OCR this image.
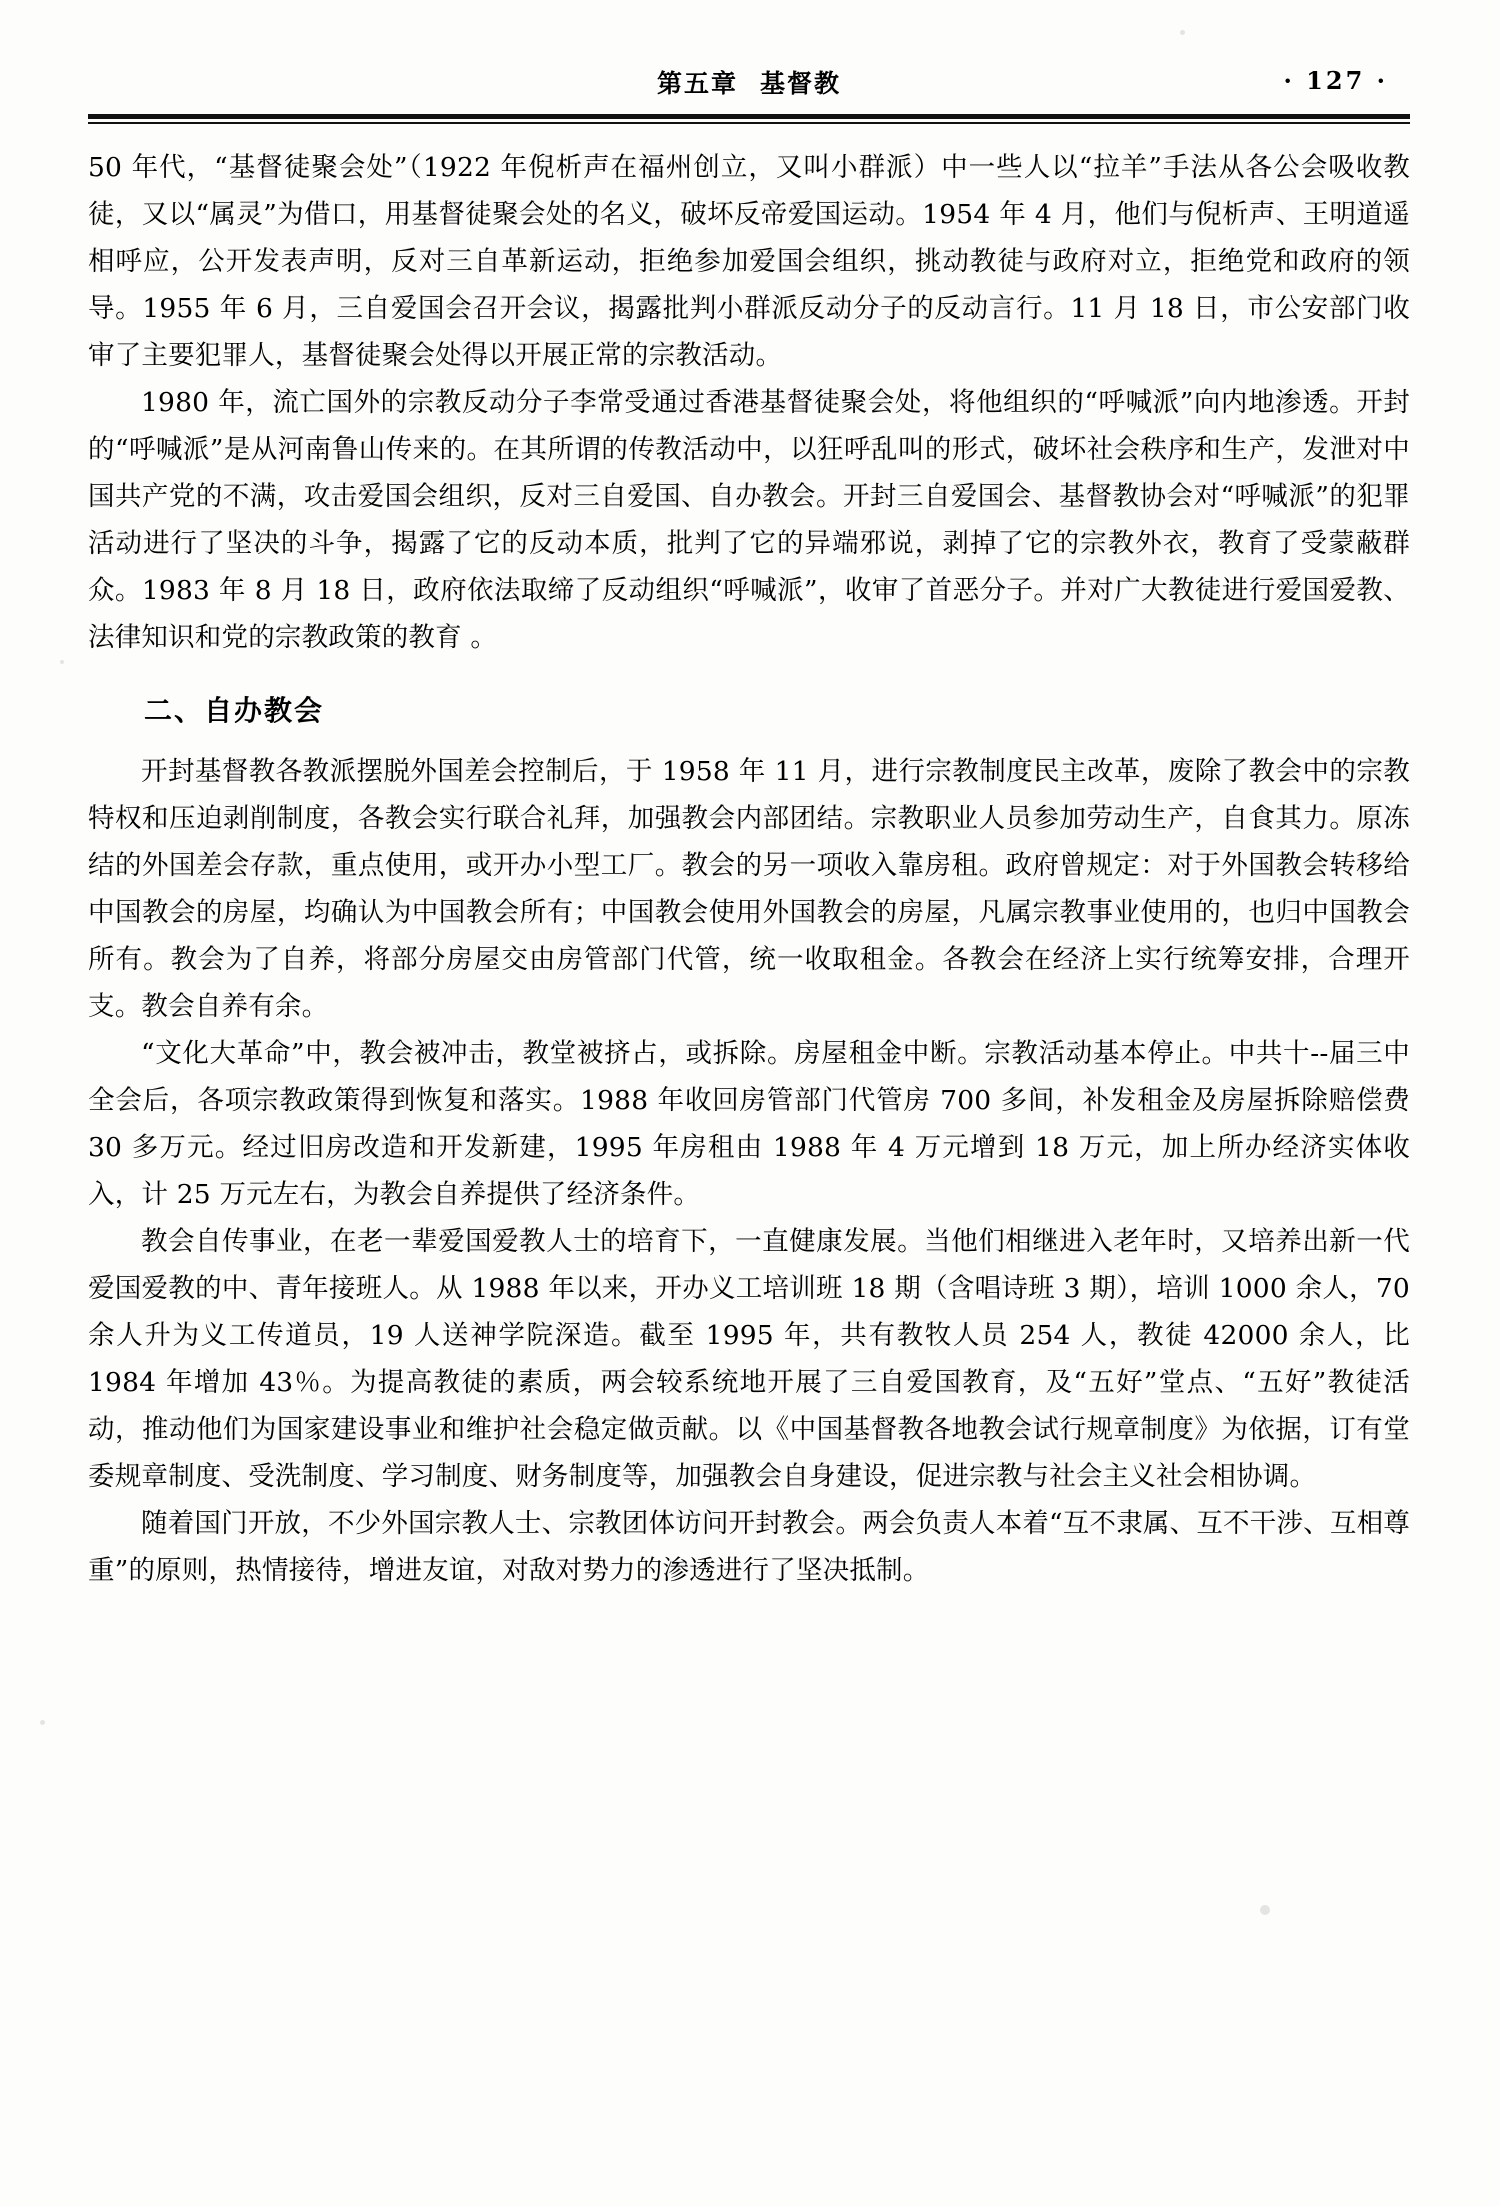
第五章 基督教	· 127 ·

50 年代，“基督徒聚会处”（1922 年倪析声在福州创立，又叫小群派）中一些人以“拉羊”手法从各公会吸收教徒，又以“属灵”为借口，用基督徒聚会处的名义，破坏反帝爱国运动。1954 年 4 月，他们与倪析声、王明道遥相呼应，公开发表声明，反对三自革新运动，拒绝参加爱国会组织，挑动教徒与政府对立，拒绝党和政府的领导。1955 年 6 月，三自爱国会召开会议，揭露批判小群派反动分子的反动言行。11 月 18 日，市公安部门收审了主要犯罪人，基督徒聚会处得以开展正常的宗教活动。

1980 年，流亡国外的宗教反动分子李常受通过香港基督徒聚会处，将他组织的“呼喊派”向内地渗透。开封的“呼喊派”是从河南鲁山传来的。在其所谓的传教活动中，以狂呼乱叫的形式，破坏社会秩序和生产，发泄对中国共产党的不满，攻击爱国会组织，反对三自爱国、自办教会。开封三自爱国会、基督教协会对“呼喊派”的犯罪活动进行了坚决的斗争，揭露了它的反动本质，批判了它的异端邪说，剥掉了它的宗教外衣，教育了受蒙蔽群众。1983 年 8 月 18 日，政府依法取缔了反动组织“呼喊派”，收审了首恶分子。并对广大教徒进行爱国爱教、法律知识和党的宗教政策的教育 。

二、自办教会

开封基督教各教派摆脱外国差会控制后，于 1958 年 11 月，进行宗教制度民主改革，废除了教会中的宗教特权和压迫剥削制度，各教会实行联合礼拜，加强教会内部团结。宗教职业人员参加劳动生产，自食其力。原冻结的外国差会存款，重点使用，或开办小型工厂。教会的另一项收入靠房租。政府曾规定：对于外国教会转移给中国教会的房屋，均确认为中国教会所有；中国教会使用外国教会的房屋，凡属宗教事业使用的，也归中国教会所有。教会为了自养，将部分房屋交由房管部门代管，统一收取租金。各教会在经济上实行统筹安排，合理开支。教会自养有余。

“文化大革命”中，教会被冲击，教堂被挤占，或拆除。房屋租金中断。宗教活动基本停止。中共十--届三中全会后，各项宗教政策得到恢复和落实。1988 年收回房管部门代管房 700 多间，补发租金及房屋拆除赔偿费 30 多万元。经过旧房改造和开发新建，1995 年房租由 1988 年 4 万元增到 18 万元，加上所办经济实体收入，计 25 万元左右，为教会自养提供了经济条件。

教会自传事业，在老一辈爱国爱教人士的培育下，一直健康发展。当他们相继进入老年时，又培养出新一代爱国爱教的中、青年接班人。从 1988 年以来，开办义工培训班 18 期（含唱诗班 3 期），培训 1000 余人，70 余人升为义工传道员，19 人送神学院深造。截至 1995 年，共有教牧人员 254 人，教徒 42000 余人，比 1984 年增加 43％。为提高教徒的素质，两会较系统地开展了三自爱国教育，及“五好”堂点、“五好”教徒活动，推动他们为国家建设事业和维护社会稳定做贡献。以《中国基督教各地教会试行规章制度》为依据，订有堂委规章制度、受洗制度、学习制度、财务制度等，加强教会自身建设，促进宗教与社会主义社会相协调。

随着国门开放，不少外国宗教人士、宗教团体访问开封教会。两会负责人本着“互不隶属、互不干涉、互相尊重”的原则，热情接待，增进友谊，对敌对势力的渗透进行了坚决抵制。
